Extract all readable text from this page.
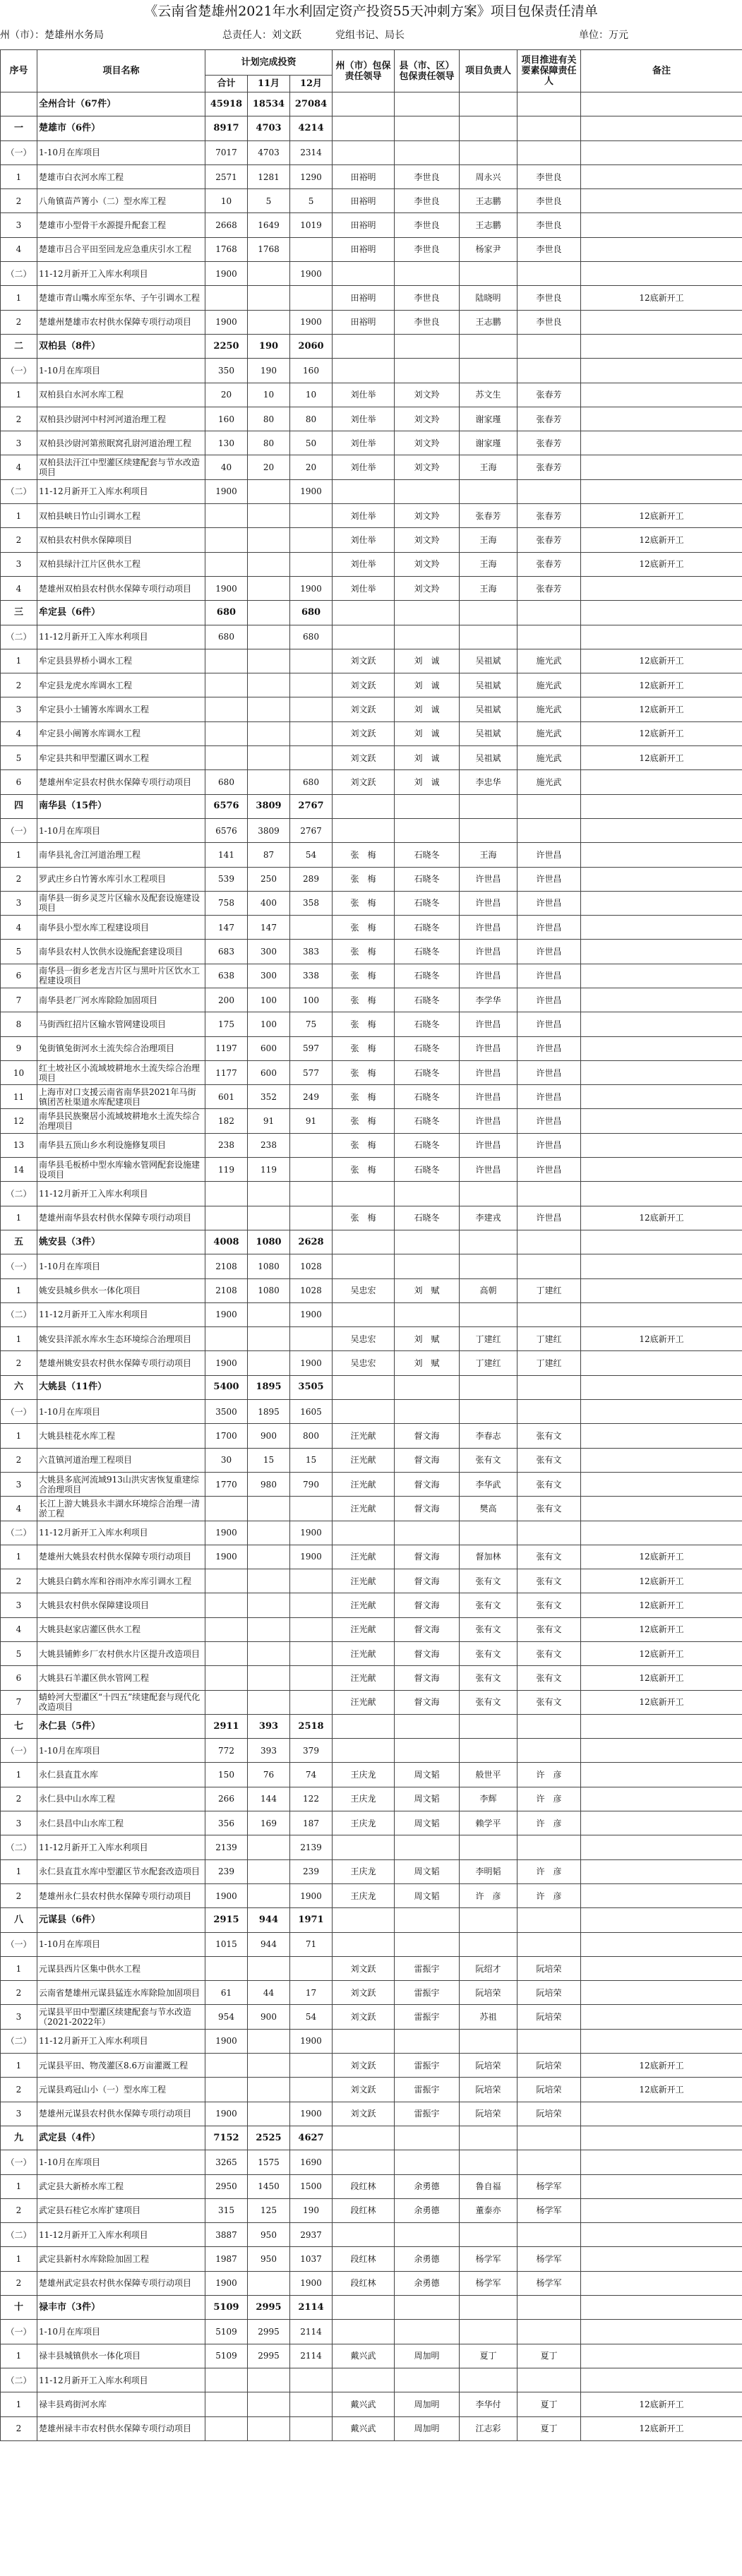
《云南省楚雄州2021年水利固定资产投资55天冲刺方案》项目包保责任清单
州（市）：楚雄州水务局	总责任人：刘文跃	党组书记、局长	单位：万元
序号	项目名称	计划完成投资			州（市）包保责任领导	县（市、区）包保责任领导	项目负责人	项目推进有关要素保障责任人	备注
		合计	11月	12月					

	全州合计（67件）	45918	18534	27084					
一	楚雄市（6件）	8917	4703	4214					
（一）	1-10月在库项目	7017	4703	2314					
1	楚雄市白衣河水库工程	2571	1281	1290	田裕明	李世良	周永兴	李世良	
2	八角镇苗芦箐小（二）型水库工程	10	5	5	田裕明	李世良	王志鹏	李世良	
3	楚雄市小型骨干水源提升配套工程	2668	1649	1019	田裕明	李世良	王志鹏	李世良	
4	楚雄市吕合平田至回龙应急重庆引水工程	1768	1768		田裕明	李世良	杨家尹	李世良	
（二）	11-12月新开工入库水利项目	1900		1900					
1	楚雄市青山嘴水库至东华、子午引调水工程				田裕明	李世良	陆晓明	李世良	12底新开工
2	楚雄州楚雄市农村供水保障专项行动项目	1900		1900	田裕明	李世良	王志鹏	李世良	
二	双柏县（8件）	2250	190	2060					
（一）	1-10月在库项目	350	190	160					
1	双柏县白水河水库工程	20	10	10	刘仕举	刘文羚	苏文生	张春芳	
2	双柏县沙尉河中村河河道治理工程	160	80	80	刘仕举	刘文羚	谢家瑾	张春芳	
3	双柏县沙尉河第煎眠窝孔尉河道治理工程	130	80	50	刘仕举	刘文羚	谢家瑾	张春芳	
4	双柏县法汗江中型灌区续建配套与节水改造项目	40	20	20	刘仕举	刘文羚	王海	张春芳	
（二）	11-12月新开工入库水利项目	1900		1900					
1	双柏县峡日竹山引调水工程				刘仕举	刘文羚	张春芳	张春芳	12底新开工
2	双柏县农村供水保障项目				刘仕举	刘文羚	王海	张春芳	12底新开工
3	双柏县绿汁江片区供水工程				刘仕举	刘文羚	王海	张春芳	12底新开工
4	楚雄州双柏县农村供水保障专项行动项目	1900		1900	刘仕举	刘文羚	王海	张春芳	
三	牟定县（6件）	680		680					
（二）	11-12月新开工入库水利项目	680		680					
1	牟定县县界桥小调水工程				刘文跃	刘　诚	吴祖斌	施光武	12底新开工
2	牟定县龙虎水库调水工程				刘文跃	刘　诚	吴祖斌	施光武	12底新开工
3	牟定县小士铺箐水库调水工程				刘文跃	刘　诚	吴祖斌	施光武	12底新开工
4	牟定县小阐箐水库调水工程				刘文跃	刘　诚	吴祖斌	施光武	12底新开工
5	牟定县共和甲型灌区调水工程				刘文跃	刘　诚	吴祖斌	施光武	12底新开工
6	楚雄州牟定县农村供水保障专项行动项目	680		680	刘文跃	刘　诚	李忠华	施光武	
四	南华县（15件）	6576	3809	2767					
（一）	1-10月在库项目	6576	3809	2767					
1	南华县礼舍江河道治理工程	141	87	54	张　梅	石晓冬	王海	许世昌	
2	罗武庄乡白竹箐水库引水工程项目	539	250	289	张　梅	石晓冬	许世昌	许世昌	
3	南华县一街乡灵芝片区输水及配套设施建设项目	758	400	358	张　梅	石晓冬	许世昌	许世昌	
4	南华县小型水库工程建设项目	147	147		张　梅	石晓冬	许世昌	许世昌	
5	南华县农村人饮供水设施配套建设项目	683	300	383	张　梅	石晓冬	许世昌	许世昌	
6	南华县一街乡老龙吉片区与黑叶片区饮水工程建设项目	638	300	338	张　梅	石晓冬	许世昌	许世昌	
7	南华县老厂河水库除险加固项目	200	100	100	张　梅	石晓冬	李学华	许世昌	
8	马街西红招片区输水管网建设项目	175	100	75	张　梅	石晓冬	许世昌	许世昌	
9	兔街镇兔街河水土流失综合治理项目	1197	600	597	张　梅	石晓冬	许世昌	许世昌	
10	红土坡社区小流域坡耕地水土流失综合治理项目	1177	600	577	张　梅	石晓冬	许世昌	许世昌	
11	上海市对口支援云南省南华县2021年马街镇团苦杜渠道水库配建项目	601	352	249	张　梅	石晓冬	许世昌	许世昌	
12	南华县民族聚居小流域坡耕地水土流失综合治理项目	182	91	91	张　梅	石晓冬	许世昌	许世昌	
13	南华县五顶山乡水利设施修复项目	238	238		张　梅	石晓冬	许世昌	许世昌	
14	南华县毛板桥中型水库输水管网配套设施建设项目	119	119		张　梅	石晓冬	许世昌	许世昌	
（二）	11-12月新开工入库水利项目								
1	楚雄州南华县农村供水保障专项行动项目				张　梅	石晓冬	李建戎	许世昌	12底新开工
五	姚安县（3件）	4008	1080	2628					
（一）	1-10月在库项目	2108	1080	1028					
1	姚安县城乡供水一体化项目	2108	1080	1028	吴忠宏	刘　赋	高朝	丁建红	
（二）	11-12月新开工入库水利项目	1900		1900					
1	姚安县洋派水库水生态环境综合治理项目				吴忠宏	刘　赋	丁建红	丁建红	12底新开工
2	楚雄州姚安县农村供水保障专项行动项目	1900		1900	吴忠宏	刘　赋	丁建红	丁建红	
六	大姚县（11件）	5400	1895	3505					
（一）	1-10月在库项目	3500	1895	1605					
1	大姚县桂花水库工程	1700	900	800	汪光献	督文海	李春志	张有文	
2	六苴镇河道治理工程项目	30	15	15	汪光献	督文海	张有文	张有文	
3	大姚县多底河流域913山洪灾害恢复重建综合治理项目	1770	980	790	汪光献	督文海	李华武	张有文	
4	长江上游大姚县永丰湖水环境综合治理一清淤工程				汪光献	督文海	樊高	张有文	
（二）	11-12月新开工入库水利项目	1900		1900					
1	楚雄州大姚县农村供水保障专项行动项目	1900		1900	汪光献	督文海	督加林	张有文	12底新开工
2	大姚县白鹤水库和谷雨冲水库引调水工程				汪光献	督文海	张有文	张有文	12底新开工
3	大姚县农村供水保障建设项目				汪光献	督文海	张有文	张有文	12底新开工
4	大姚县赵家店灌区供水工程				汪光献	督文海	张有文	张有文	12底新开工
5	大姚县铺鲊乡厂农村供水片区提升改造项目				汪光献	督文海	张有文	张有文	12底新开工
6	大姚县石羊灌区供水管网工程				汪光献	督文海	张有文	张有文	12底新开工
7	蜻蛉河大型灌区“十四五”续建配套与现代化改造项目				汪光献	督文海	张有文	张有文	12底新开工
七	永仁县（5件）	2911	393	2518					
（一）	1-10月在库项目	772	393	379					
1	永仁县直苴水库	150	76	74	王庆龙	周文韬	般世平	许　彦	
2	永仁县中山水库工程	266	144	122	王庆龙	周文韬	李辉	许　彦	
3	永仁县昌中山水库工程	356	169	187	王庆龙	周文韬	赖学平	许　彦	
（二）	11-12月新开工入库水利项目	2139		2139					
1	永仁县直苴水库中型灌区节水配套改造项目	239		239	王庆龙	周文韬	李明韬	许　彦	
2	楚雄州永仁县农村供水保障专项行动项目	1900		1900	王庆龙	周文韬	许　彦	许　彦	
八	元谋县（6件）	2915	944	1971					
（一）	1-10月在库项目	1015	944	71					
1	元谋县西片区集中供水工程				刘文跃	雷振宇	阮绍才	阮培荣	
2	云南省楚雄州元谋县猛连水库除险加固项目	61	44	17	刘文跃	雷振宇	阮培荣	阮培荣	
3	元谋县平田中型灌区续建配套与节水改造（2021-2022年）	954	900	54	刘文跃	雷振宇	苏祖	阮培荣	
（二）	11-12月新开工入库水利项目	1900		1900					
1	元谋县平田、物茂灌区8.6万亩灌溉工程				刘文跃	雷振宇	阮培荣	阮培荣	12底新开工
2	元谋县鸡冠山小（一）型水库工程				刘文跃	雷振宇	阮培荣	阮培荣	12底新开工
3	楚雄州元谋县农村供水保障专项行动项目	1900		1900	刘文跃	雷振宇	阮培荣	阮培荣	
九	武定县（4件）	7152	2525	4627					
（一）	1-10月在库项目	3265	1575	1690					
1	武定县大新桥水库工程	2950	1450	1500	段红林	余勇德	鲁自福	杨学军	
2	武定县石桂它水库扩建项目	315	125	190	段红林	余勇德	董泰亦	杨学军	
（二）	11-12月新开工入库水利项目	3887	950	2937					
1	武定县新村水库除险加固工程	1987	950	1037	段红林	余勇德	杨学军	杨学军	
2	楚雄州武定县农村供水保障专项行动项目	1900		1900	段红林	余勇德	杨学军	杨学军	
十	禄丰市（3件）	5109	2995	2114					
（一）	1-10月在库项目	5109	2995	2114					
1	禄丰县城镇供水一体化项目	5109	2995	2114	戴兴武	周加明	夏丁	夏丁	
（二）	11-12月新开工入库水利项目								
1	禄丰县鸡街河水库				戴兴武	周加明	李华付	夏丁	12底新开工
2	楚雄州禄丰市农村供水保障专项行动项目				戴兴武	周加明	江志彩	夏丁	12底新开工
